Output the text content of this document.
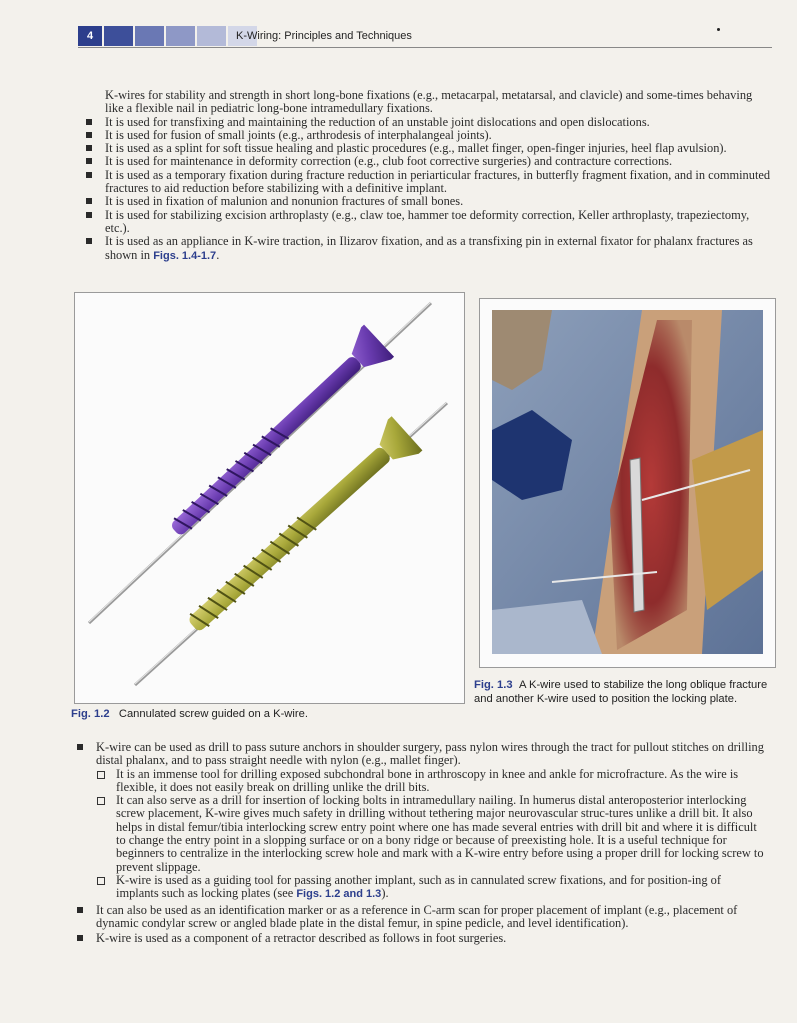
4	K-Wiring: Principles and Techniques

K-wires for stability and strength in short long-bone fixations (e.g., metacarpal, metatarsal, and clavicle) and some-times behaving like a flexible nail in pediatric long-bone intramedullary fixations.

It is used for transfixing and maintaining the reduction of an unstable joint dislocations and open dislocations.

It is used for fusion of small joints (e.g., arthrodesis of interphalangeal joints).

It is used as a splint for soft tissue healing and plastic procedures (e.g., mallet finger, open-finger injuries, heel flap avulsion).

It is used for maintenance in deformity correction (e.g., club foot corrective surgeries) and contracture corrections.

It is used as a temporary fixation during fracture reduction in periarticular fractures, in butterfly fragment fixation, and in comminuted fractures to aid reduction before stabilizing with a definitive implant.

It is used in fixation of malunion and nonunion fractures of small bones.

It is used for stabilizing excision arthroplasty (e.g., claw toe, hammer toe deformity correction, Keller arthroplasty, trapeziectomy, etc.).

It is used as an appliance in K-wire traction, in Ilizarov fixation, and as a transfixing pin in external fixator for phalanx fractures as shown in Figs. 1.4-1.7.

Fig. 1.2 Cannulated screw guided on a K-wire.
Fig. 1.3 A K-wire used to stabilize the long oblique fracture and another K-wire used to position the locking plate.

K-wire can be used as drill to pass suture anchors in shoulder surgery, pass nylon wires through the tract for pullout stitches on drilling distal phalanx, and to pass straight needle with nylon (e.g., mallet finger).

It is an immense tool for drilling exposed subchondral bone in arthroscopy in knee and ankle for microfracture. As the wire is flexible, it does not easily break on drilling unlike the drill bits.

It can also serve as a drill for insertion of locking bolts in intramedullary nailing. In humerus distal anteroposterior interlocking screw placement, K-wire gives much safety in drilling without tethering major neurovascular struc-tures unlike a drill bit. It also helps in distal femur/tibia interlocking screw entry point where one has made several entries with drill bit and where it is difficult to change the entry point in a slopping surface or on a bony ridge or because of preexisting hole. It is a useful technique for beginners to centralize in the interlocking screw hole and mark with a K-wire entry before using a proper drill for locking screw to prevent slippage.

K-wire is used as a guiding tool for passing another implant, such as in cannulated screw fixations, and for position-ing of implants such as locking plates (see Figs. 1.2 and 1.3).

It can also be used as an identification marker or as a reference in C-arm scan for proper placement of implant (e.g., placement of dynamic condylar screw or angled blade plate in the distal femur, in spine pedicle, and level identification).

K-wire is used as a component of a retractor described as follows in foot surgeries.
